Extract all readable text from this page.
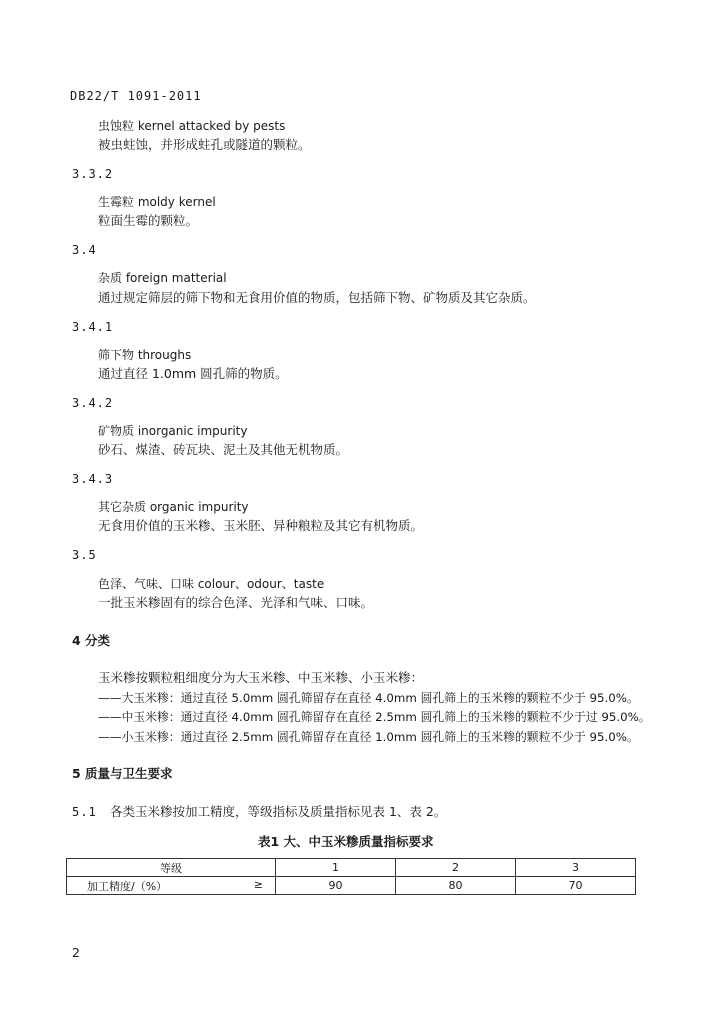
DB22/T 1091-2011
虫蚀粒 kernel attacked by pests
被虫蛀蚀，并形成蛀孔或隧道的颗粒。
3.3.2
生霉粒 moldy kernel
粒面生霉的颗粒。
3.4
杂质 foreign matterial
通过规定筛层的筛下物和无食用价值的物质，包括筛下物、矿物质及其它杂质。
3.4.1
筛下物 throughs
通过直径 1.0mm 圆孔筛的物质。
3.4.2
矿物质 inorganic impurity
砂石、煤渣、砖瓦块、泥土及其他无机物质。
3.4.3
其它杂质 organic impurity
无食用价值的玉米糁、玉米胚、异种粮粒及其它有机物质。
3.5
色泽、气味、口味 colour、odour、taste
一批玉米糁固有的综合色泽、光泽和气味、口味。
4 分类
玉米糁按颗粒粗细度分为大玉米糁、中玉米糁、小玉米糁：
——大玉米糁：通过直径 5.0mm 圆孔筛留存在直径 4.0mm 圆孔筛上的玉米糁的颗粒不少于 95.0%。
——中玉米糁：通过直径 4.0mm 圆孔筛留存在直径 2.5mm 圆孔筛上的玉米糁的颗粒不少于过 95.0%。
——小玉米糁：通过直径 2.5mm 圆孔筛留存在直径 1.0mm 圆孔筛上的玉米糁的颗粒不少于 95.0%。
5 质量与卫生要求
5.1 各类玉米糁按加工精度，等级指标及质量指标见表 1、表 2。
表1 大、中玉米糁质量指标要求
等级	1	2	3
加工精度/（%） ≥	90	80	70
2
